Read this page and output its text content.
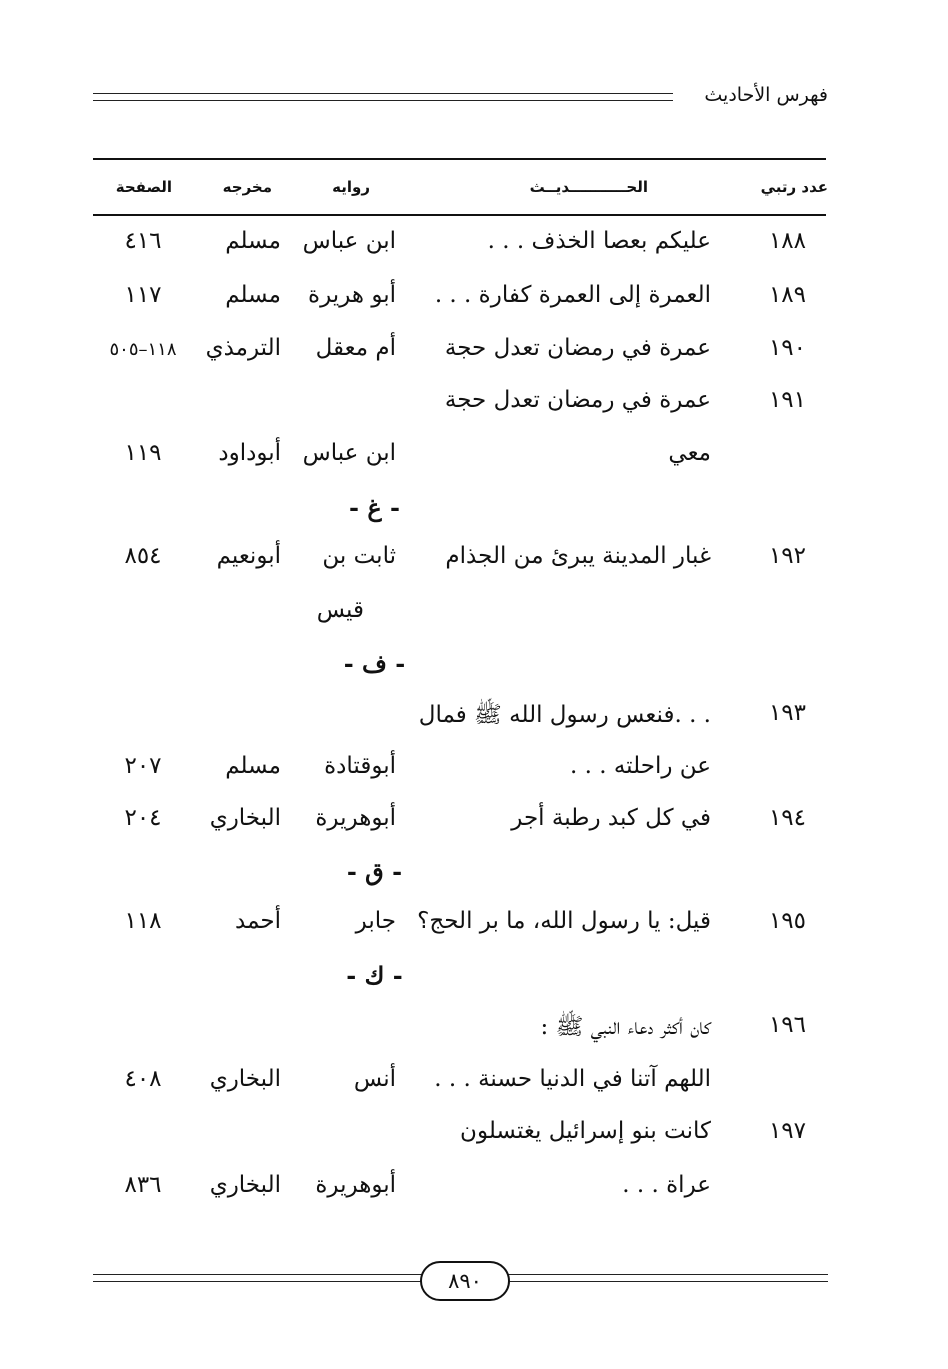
فهرس الأحاديث
عدد رتبي
الحـــــــــــديــث
روايه
مخرجه
الصفحة
١٨٨
عليكم بعصا الخذف . . .
ابن عباس
مسلم
٤١٦
١٨٩
العمرة إلى العمرة كفارة . . .
أبو هريرة
مسلم
١١٧
١٩٠
عمرة في رمضان تعدل حجة
أم معقل
الترمذي
١١٨–٥٠٥
١٩١
عمرة في رمضان تعدل حجة
معي
ابن عباس
أبوداود
١١٩
- غ -
١٩٢
غبار المدينة يبرئ من الجذام
ثابت بن
أبونعيم
٨٥٤
قيس
- ف -
١٩٣
. . .فنعس رسول الله ﷺ فمال
عن راحلته . . .
أبوقتادة
مسلم
٢٠٧
١٩٤
في كل كبد رطبة أجر
أبوهريرة
البخاري
٢٠٤
- ق -
١٩٥
قيل: يا رسول الله، ما بر الحج؟
جابر
أحمد
١١٨
- ك -
١٩٦
كان أكثر دعاء النبي ﷺ :
اللهم آتنا في الدنيا حسنة . . .
أنس
البخاري
٤٠٨
١٩٧
كانت بنو إسرائيل يغتسلون
عراة . . .
أبوهريرة
البخاري
٨٣٦
٨٩٠
